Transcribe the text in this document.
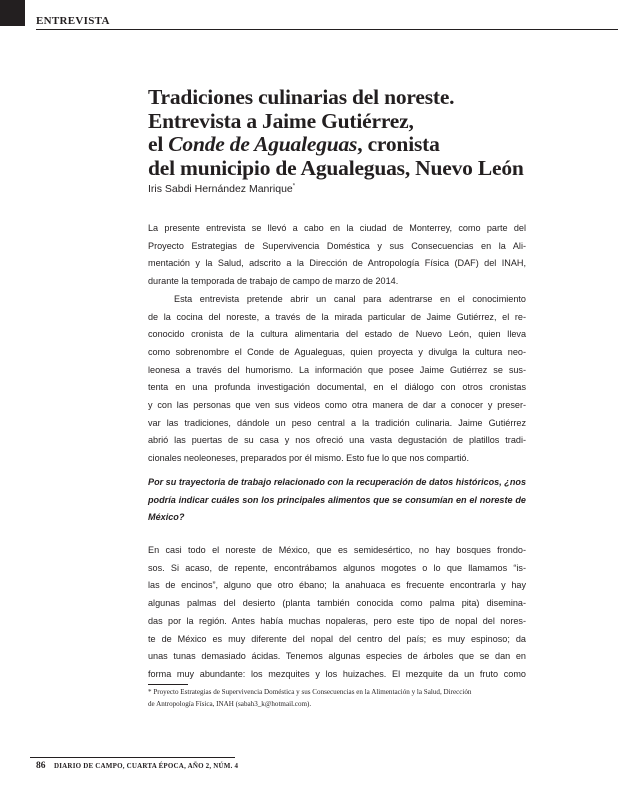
ENTREVISTA
Tradiciones culinarias del noreste.
Entrevista a Jaime Gutiérrez,
el Conde de Agualeguas, cronista
del municipio de Agualeguas, Nuevo León
Iris Sabdi Hernández Manrique*

La presente entrevista se llevó a cabo en la ciudad de Monterrey, como parte del
Proyecto Estrategias de Supervivencia Doméstica y sus Consecuencias en la Ali-
mentación y la Salud, adscrito a la Dirección de Antropología Física (DAF) del INAH,
durante la temporada de trabajo de campo de marzo de 2014.

Esta entrevista pretende abrir un canal para adentrarse en el conocimiento
de la cocina del noreste, a través de la mirada particular de Jaime Gutiérrez, el re-
conocido cronista de la cultura alimentaria del estado de Nuevo León, quien lleva
como sobrenombre el Conde de Agualeguas, quien proyecta y divulga la cultura neo-
leonesa a través del humorismo. La información que posee Jaime Gutiérrez se sus-
tenta en una profunda investigación documental, en el diálogo con otros cronistas
y con las personas que ven sus videos como otra manera de dar a conocer y preser-
var las tradiciones, dándole un peso central a la tradición culinaria. Jaime Gutiérrez
abrió las puertas de su casa y nos ofreció una vasta degustación de platillos tradi-
cionales neoleoneses, preparados por él mismo. Esto fue lo que nos compartió.

Por su trayectoria de trabajo relacionado con la recuperación de datos históricos, ¿nos
podría indicar cuáles son los principales alimentos que se consumían en el noreste de
México?

En casi todo el noreste de México, que es semidesértico, no hay bosques frondo-
sos. Si acaso, de repente, encontrábamos algunos mogotes o lo que llamamos “is-
las de encinos”, alguno que otro ébano; la anahuaca es frecuente encontrarla y hay
algunas palmas del desierto (planta también conocida como palma pita) disemina-
das por la región. Antes había muchas nopaleras, pero este tipo de nopal del nores-
te de México es muy diferente del nopal del centro del país; es muy espinoso; da
unas tunas demasiado ácidas. Tenemos algunas especies de árboles que se dan en
forma muy abundante: los mezquites y los huizaches. El mezquite da un fruto como

* Proyecto Estrategias de Supervivencia Doméstica y sus Consecuencias en la Alimentación y la Salud, Dirección
de Antropología Física, INAH (sabah3_k@hotmail.com).
86 DIARIO DE CAMPO, CUARTA ÉPOCA, AÑO 2, NÚM. 4
